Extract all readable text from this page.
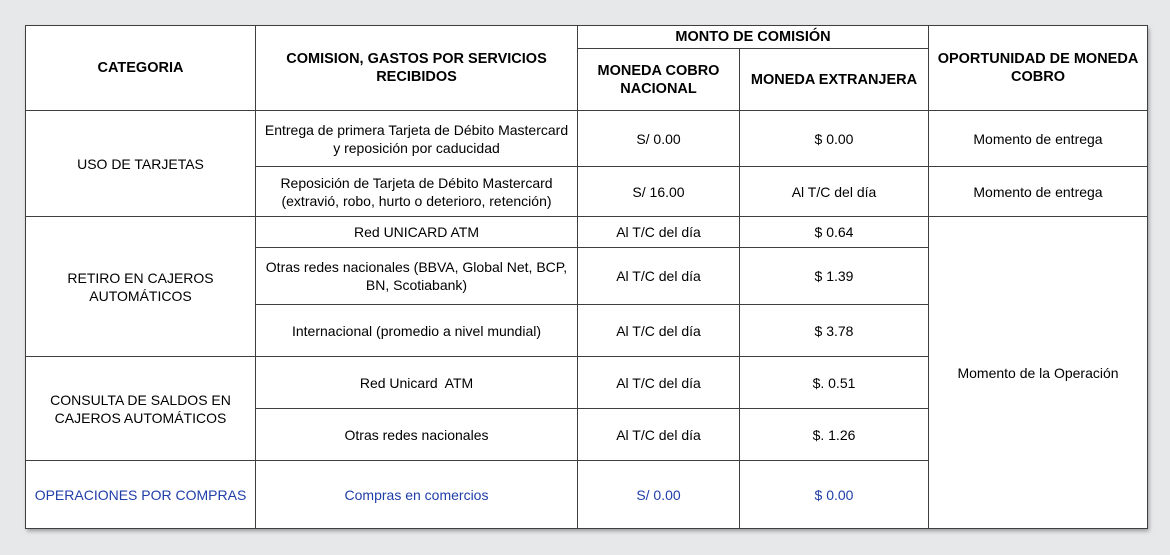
CATEGORIA	COMISION, GASTOS POR SERVICIOS RECIBIDOS	MONTO DE COMISIÓN		OPORTUNIDAD DE MONEDA COBRO
		MONEDA COBRO NACIONAL	MONEDA EXTRANJERA	
USO DE TARJETAS	Entrega de primera Tarjeta de Débito Mastercard y reposición por caducidad	S/ 0.00	$ 0.00	Momento de entrega
	Reposición de Tarjeta de Débito Mastercard (extravió, robo, hurto o deterioro, retención)	S/ 16.00	Al T/C del día	Momento de entrega
RETIRO EN CAJEROS AUTOMÁTICOS	Red UNICARD ATM	Al T/C del día	$ 0.64	Momento de la Operación
	Otras redes nacionales (BBVA, Global Net, BCP, BN, Scotiabank)	Al T/C del día	$ 1.39	
	Internacional (promedio a nivel mundial)	Al T/C del día	$ 3.78	
CONSULTA DE SALDOS EN CAJEROS AUTOMÁTICOS	Red Unicard  ATM	Al T/C del día	$. 0.51	
	Otras redes nacionales	Al T/C del día	$. 1.26	
OPERACIONES POR COMPRAS	Compras en comercios	S/ 0.00	$ 0.00	
